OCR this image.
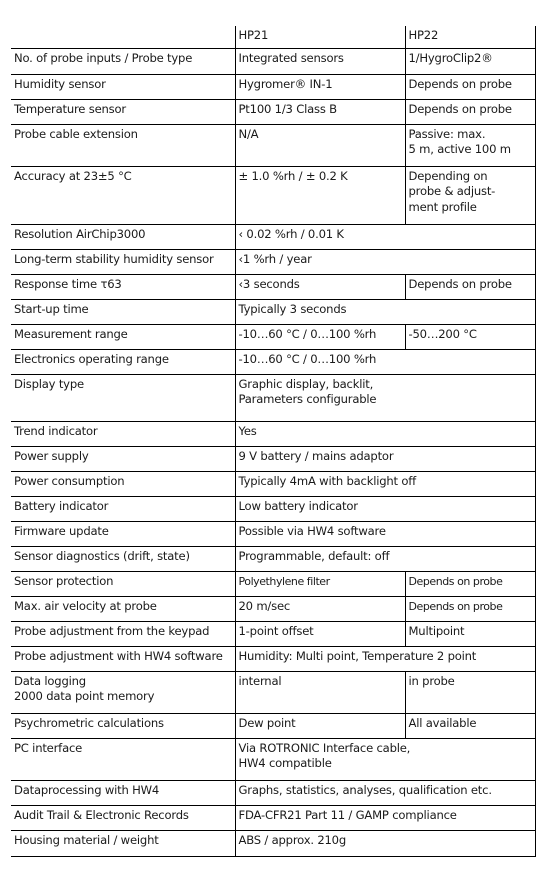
	HP21	HP22
No. of probe inputs / Probe type	Integrated sensors	1/HygroClip2®
Humidity sensor	Hygromer® IN-1	Depends on probe
Temperature sensor	Pt100 1/3 Class B	Depends on probe
Probe cable extension	N/A	Passive: max.
5 m, active 100 m
Accuracy at 23±5 °C	± 1.0 %rh / ± 0.2 K	Depending on
probe & adjust-
ment profile
Resolution AirChip3000	‹ 0.02 %rh / 0.01 K	
Long-term stability humidity sensor	‹1 %rh / year	
Response time τ63	‹3 seconds	Depends on probe
Start-up time	Typically 3 seconds	
Measurement range	-10…60 °C / 0…100 %rh	-50…200 °C
Electronics operating range	-10…60 °C / 0…100 %rh	
Display type	Graphic display, backlit,
Parameters configurable	
Trend indicator	Yes	
Power supply	9 V battery / mains adaptor	
Power consumption	Typically 4mA with backlight off	
Battery indicator	Low battery indicator	
Firmware update	Possible via HW4 software	
Sensor diagnostics (drift, state)	Programmable, default: off	
Sensor protection	Polyethylene filter	Depends on probe
Max. air velocity at probe	20 m/sec	Depends on probe
Probe adjustment from the keypad	1-point offset	Multipoint
Probe adjustment with HW4 software	Humidity: Multi point, Temperature 2 point	
Data logging
2000 data point memory	internal	in probe
Psychrometric calculations	Dew point	All available
PC interface	Via ROTRONIC Interface cable,
HW4 compatible	
Dataprocessing with HW4	Graphs, statistics, analyses, qualification etc.	
Audit Trail & Electronic Records	FDA-CFR21 Part 11 / GAMP compliance	
Housing material / weight	ABS / approx. 210g	
